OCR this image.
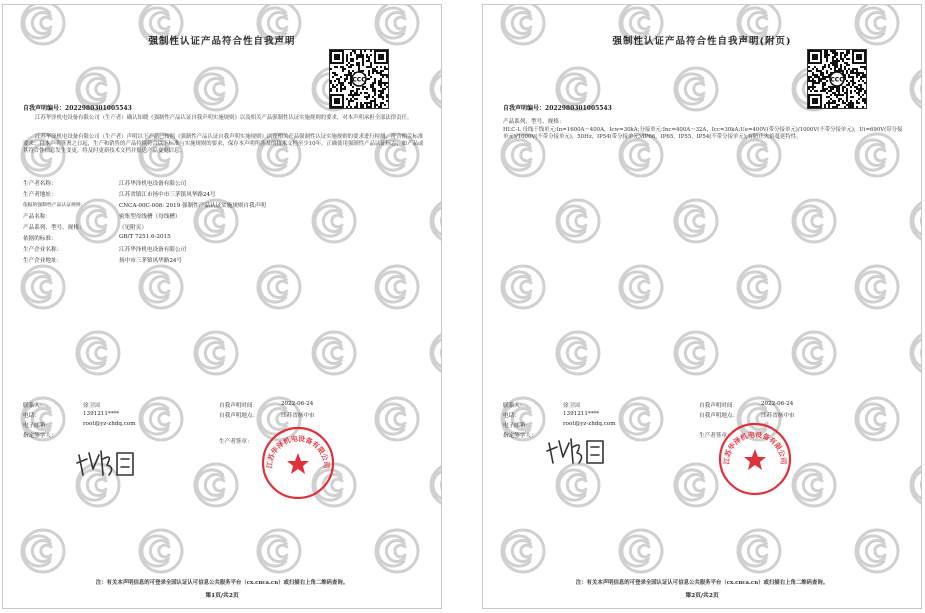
强制性认证产品符合性自我声明
CCC
自我声明编号：2022980301005543
江苏华泽机电设备有限公司（生产者）确认知晓《强制性产品认证自我声明实施规则》以及相关产品强制性认证实施规则的要求，对本声明承担全部法律责任。
江苏华泽机电设备有限公司（生产者）声明以下产品已按照《强制性产品认证自我声明实施规则》以及相关产品强制性认证实施规则的要求进行检测、符合相关标准要求；自本声明签署之日起，生产和销售的产品持续符合以下标准与实施规则的要求，保存本声明所涉及的技术文档至少10年。正确使用强制性产品认证标志；如产品或其符合性信息发生变更，将及时更新技术文档并报送产品变更信息。
生产者名称：	江苏华泽机电设备有限公司
生产者地址：	江苏省镇江市扬中市三茅镇风华路24号
依据的强制性产品认证规则：	CNCA-00C-008: 2019 强制性产品认证实施规则自我声明
产品名称：	密集型母线槽（母线槽）
产品系列、型号、规格：	（见附页）
依据的标准：	GB/T 7251.6-2015
生产企业名称：	江苏华泽机电设备有限公司
生产企业地址：	扬中市三茅镇风华路24号
联系人：	徐卫国
电话：	1391211****
电子邮箱：	root@yz-zhdq.com
指定签字人：
自我声明时间：	2022-06-24
自我声明地点：	江苏省扬中市
生产者签章：
江苏华泽机电设备有限公司
注：有关本声明信息的可登录全国认证认可信息公共服务平台（cx.cnca.cn）或扫描右上角二维码查询。
第1页/共2页
强制性认证产品符合性自我声明(附页)
CCC
自我声明编号：2022980301005543
产品系列、型号、规格：
HLC-L 母线干线单元:In=1600A～400A，Icw=30kA;分接单元:Inc=400A～32A，Icc=30kA;Ue=400V(带分接单元)/1000V(不带分接单元)，Ui=690V(带分接单元)/1000V(不带分接单元)，50Hz，IP54(带分接单元)/IP66，IP65，IP55，IP54(不带分接单元);有防止火焰蔓延特性。
联系人：	徐卫国
电话：	1391211****
电子邮箱：	root@yz-zhdq.com
指定签字人：
自我声明时间：	2022-06-24
自我声明地点：	江苏省扬中市
生产者签章：
江苏华泽机电设备有限公司
注：有关本声明信息的可登录全国认证认可信息公共服务平台（cx.cnca.cn）或扫描右上角二维码查询。
第2页/共2页
